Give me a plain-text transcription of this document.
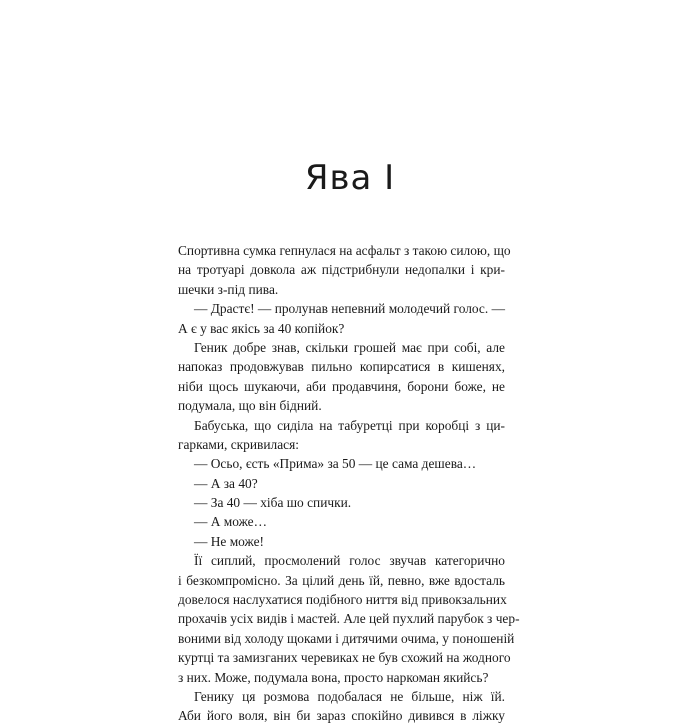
Ява І
Спортивна сумка гепнулася на асфальт з такою силою, що
на тротуарі довкола аж підстрибнули недопалки і кри-
шечки з-під пива.
— Драстє! — пролунав непевний молодечий голос. —
А є у вас якісь за 40 копійок?
Геник добре знав, скільки грошей має при собі, але
напоказ продовжував пильно копирсатися в кишенях,
ніби щось шукаючи, аби продавчиня, борони боже, не
подумала, що він бідний.
Бабуська, що сиділа на табуретці при коробці з ци-
гарками, скривилася:
— Осьо, єсть «Прима» за 50 — це сама дешева…
— А за 40?
— За 40 — хіба шо спички.
— А може…
— Не може!
Її сиплий, просмолений голос звучав категорично
і безкомпромісно. За цілий день їй, певно, вже вдосталь
довелося наслухатися подібного ниття від привокзальних
прохачів усіх видів і мастей. Але цей пухлий парубок з чер-
воними від холоду щоками і дитячими очима, у поношеній
куртці та замизганих черевиках не був схожий на жодного
з них. Може, подумала вона, просто наркоман якийсь?
Генику ця розмова подобалася не більше, ніж їй.
Аби його воля, він би зараз спокійно дивився в ліжку
